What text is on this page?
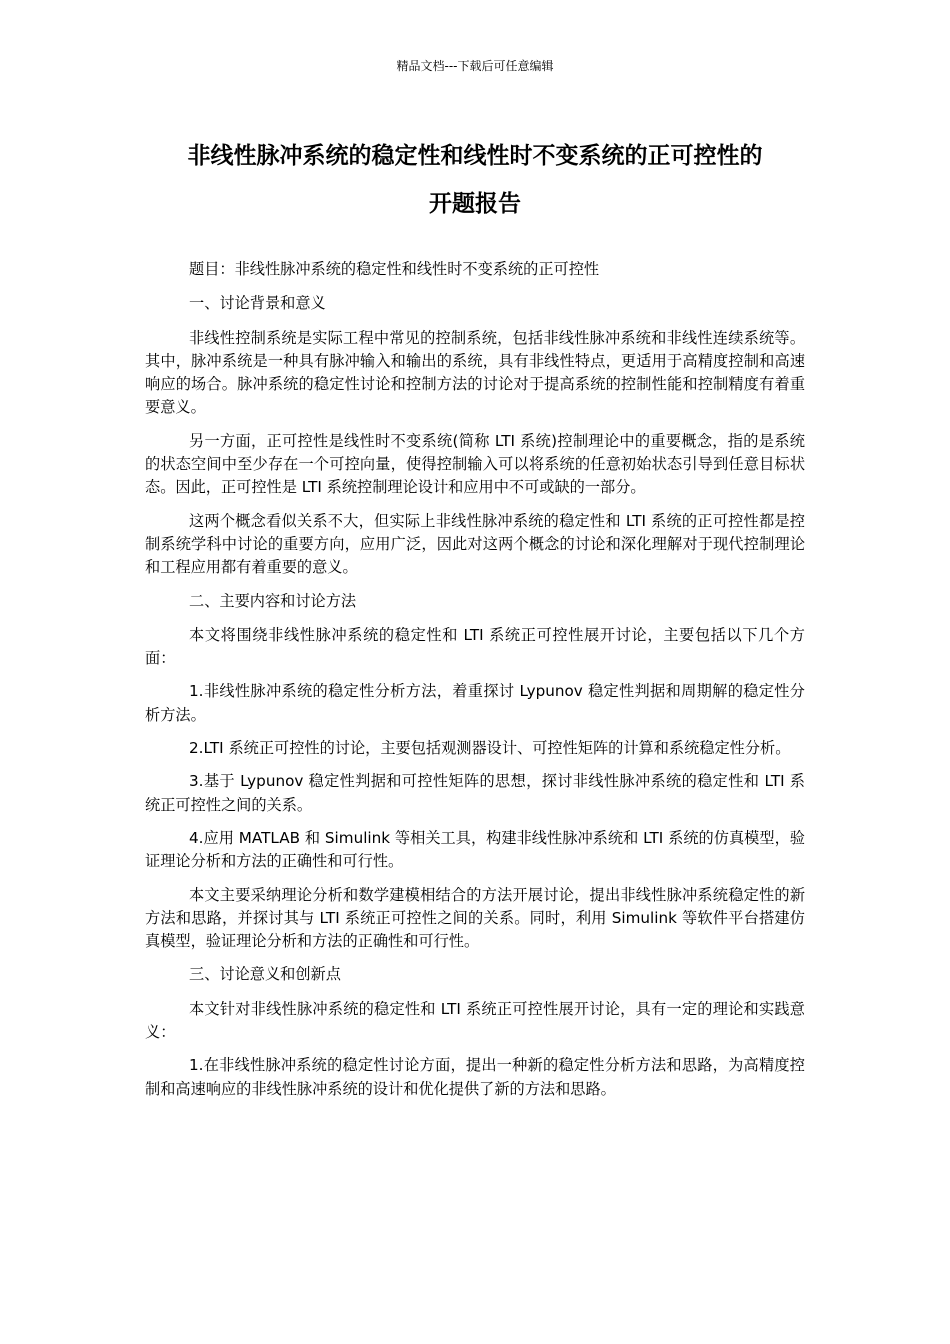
精品文档---下载后可任意编辑
非线性脉冲系统的稳定性和线性时不变系统的正可控性的
开题报告

题目：非线性脉冲系统的稳定性和线性时不变系统的正可控性

一、讨论背景和意义

非线性控制系统是实际工程中常见的控制系统，包括非线性脉冲系统和非线性连续系统等。其中，脉冲系统是一种具有脉冲输入和输出的系统，具有非线性特点，更适用于高精度控制和高速响应的场合。脉冲系统的稳定性讨论和控制方法的讨论对于提高系统的控制性能和控制精度有着重要意义。

另一方面，正可控性是线性时不变系统(简称 LTI 系统)控制理论中的重要概念，指的是系统的状态空间中至少存在一个可控向量，使得控制输入可以将系统的任意初始状态引导到任意目标状态。因此，正可控性是 LTI 系统控制理论设计和应用中不可或缺的一部分。

这两个概念看似关系不大，但实际上非线性脉冲系统的稳定性和 LTI 系统的正可控性都是控制系统学科中讨论的重要方向，应用广泛，因此对这两个概念的讨论和深化理解对于现代控制理论和工程应用都有着重要的意义。

二、主要内容和讨论方法

本文将围绕非线性脉冲系统的稳定性和 LTI 系统正可控性展开讨论，主要包括以下几个方面：

1.非线性脉冲系统的稳定性分析方法，着重探讨 Lypunov 稳定性判据和周期解的稳定性分析方法。

2.LTI 系统正可控性的讨论，主要包括观测器设计、可控性矩阵的计算和系统稳定性分析。

3.基于 Lypunov 稳定性判据和可控性矩阵的思想，探讨非线性脉冲系统的稳定性和 LTI 系统正可控性之间的关系。

4.应用 MATLAB 和 Simulink 等相关工具，构建非线性脉冲系统和 LTI 系统的仿真模型，验证理论分析和方法的正确性和可行性。

本文主要采纳理论分析和数学建模相结合的方法开展讨论，提出非线性脉冲系统稳定性的新方法和思路，并探讨其与 LTI 系统正可控性之间的关系。同时，利用 Simulink 等软件平台搭建仿真模型，验证理论分析和方法的正确性和可行性。

三、讨论意义和创新点

本文针对非线性脉冲系统的稳定性和 LTI 系统正可控性展开讨论，具有一定的理论和实践意义：

1.在非线性脉冲系统的稳定性讨论方面，提出一种新的稳定性分析方法和思路，为高精度控制和高速响应的非线性脉冲系统的设计和优化提供了新的方法和思路。
